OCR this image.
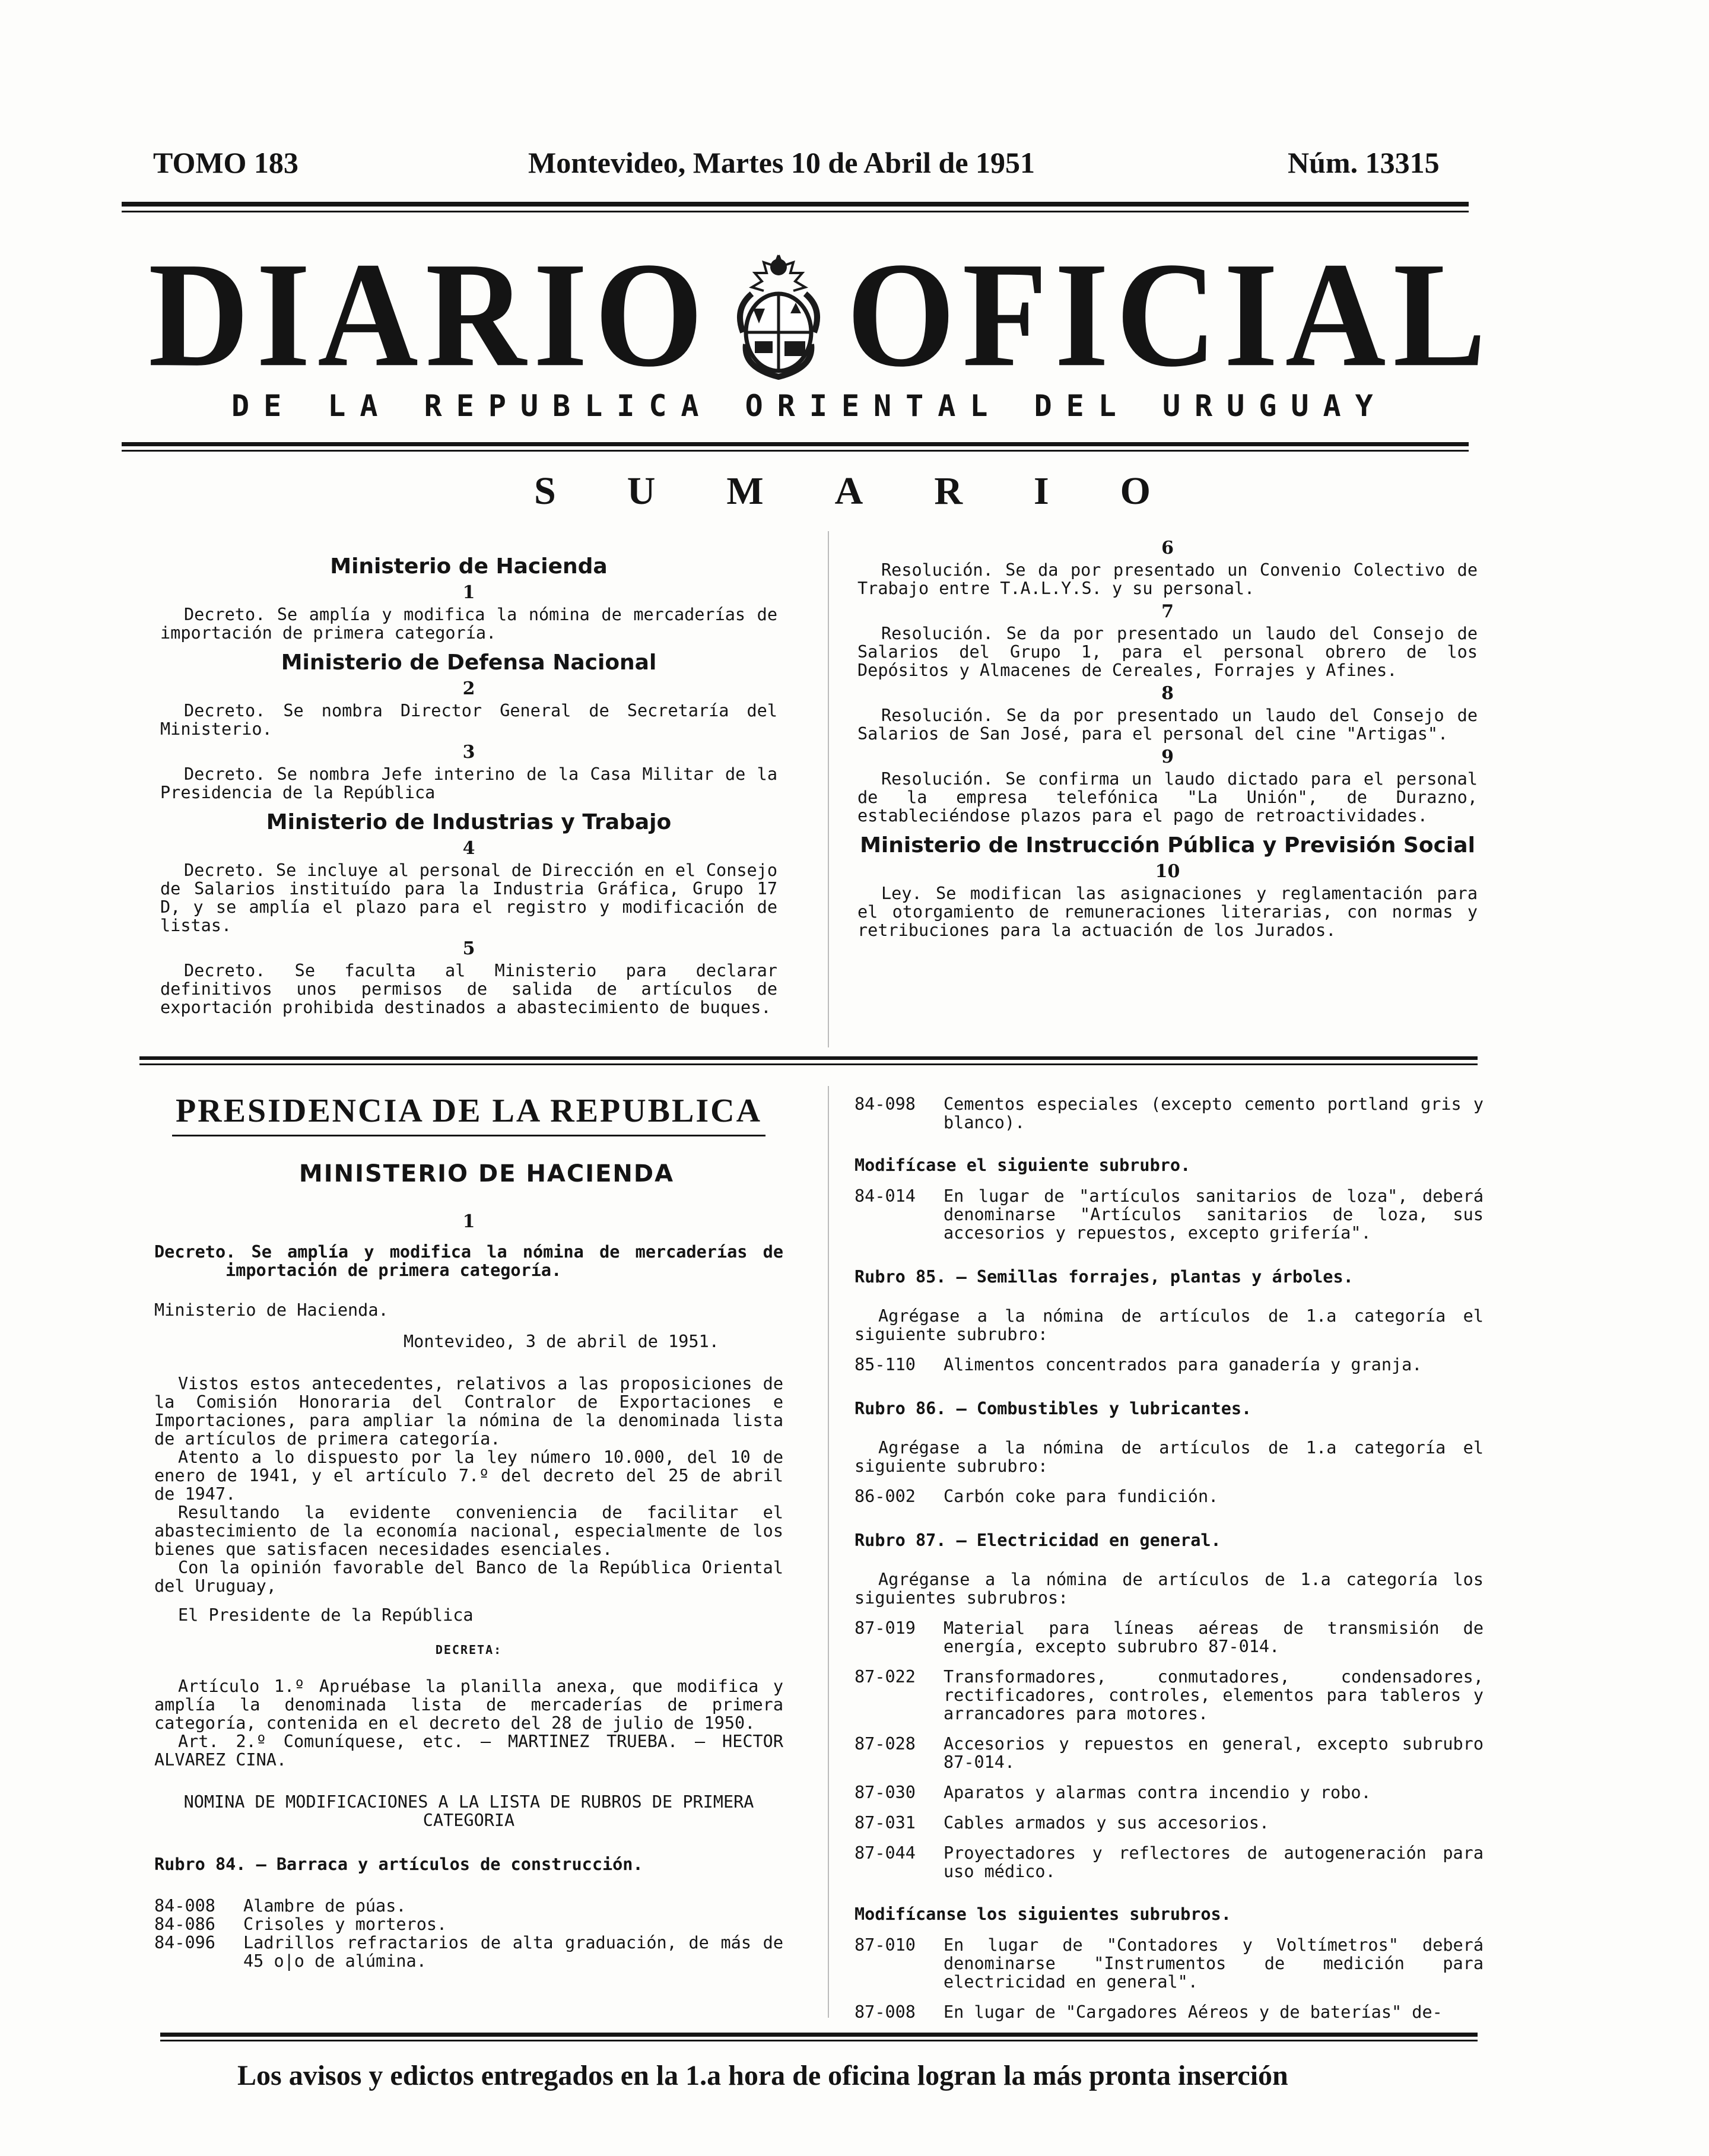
TOMO 183	Montevideo, Martes 10 de Abril de 1951	Núm. 13315
DIARIO OFICIAL
DE LA REPUBLICA ORIENTAL DEL URUGUAY
SUMARIO
Ministerio de Hacienda
1
Decreto. Se amplía y modifica la nómina de mercaderías de importación de primera categoría.
Ministerio de Defensa Nacional
2
Decreto. Se nombra Director General de Secretaría del Ministerio.
3
Decreto. Se nombra Jefe interino de la Casa Militar de la Presidencia de la República
Ministerio de Industrias y Trabajo
4
Decreto. Se incluye al personal de Dirección en el Consejo de Salarios instituído para la Industria Gráfica, Grupo 17 D, y se amplía el plazo para el registro y modificación de listas.
5
Decreto. Se faculta al Ministerio para declarar definitivos unos permisos de salida de artículos de exportación prohibida destinados a abastecimiento de buques.
6
Resolución. Se da por presentado un Convenio Colectivo de Trabajo entre T.A.L.Y.S. y su personal.
7
Resolución. Se da por presentado un laudo del Consejo de Salarios del Grupo 1, para el personal obrero de los Depósitos y Almacenes de Cereales, Forrajes y Afines.
8
Resolución. Se da por presentado un laudo del Consejo de Salarios de San José, para el personal del cine "Artigas".
9
Resolución. Se confirma un laudo dictado para el personal de la empresa telefónica "La Unión", de Durazno, estableciéndose plazos para el pago de retroactividades.
Ministerio de Instrucción Pública y Previsión Social
10
Ley. Se modifican las asignaciones y reglamentación para el otorgamiento de remuneraciones literarias, con normas y retribuciones para la actuación de los Jurados.
PRESIDENCIA DE LA REPUBLICA
MINISTERIO DE HACIENDA
1
Decreto. Se amplía y modifica la nómina de mercaderías de importación de primera categoría.
Ministerio de Hacienda.
Montevideo, 3 de abril de 1951.
Vistos estos antecedentes, relativos a las proposiciones de la Comisión Honoraria del Contralor de Exportaciones e Importaciones, para ampliar la nómina de la denominada lista de artículos de primera categoría.
Atento a lo dispuesto por la ley número 10.000, del 10 de enero de 1941, y el artículo 7.º del decreto del 25 de abril de 1947.
Resultando la evidente conveniencia de facilitar el abastecimiento de la economía nacional, especialmente de los bienes que satisfacen necesidades esenciales.
Con la opinión favorable del Banco de la República Oriental del Uruguay,
El Presidente de la República
DECRETA:
Artículo 1.º Apruébase la planilla anexa, que modifica y amplía la denominada lista de mercaderías de primera categoría, contenida en el decreto del 28 de julio de 1950.
Art. 2.º Comuníquese, etc. — MARTINEZ TRUEBA. — HECTOR ALVAREZ CINA.
NOMINA DE MODIFICACIONES A LA LISTA DE RUBROS DE PRIMERA CATEGORIA
Rubro 84. — Barraca y artículos de construcción.
84-008	Alambre de púas.
84-086	Crisoles y morteros.
84-096	Ladrillos refractarios de alta graduación, de más de 45 o|o de alúmina.
84-098	Cementos especiales (excepto cemento portland gris y blanco).
Modifícase el siguiente subrubro.
84-014	En lugar de "artículos sanitarios de loza", deberá denominarse "Artículos sanitarios de loza, sus accesorios y repuestos, excepto grifería".
Rubro 85. — Semillas forrajes, plantas y árboles.
Agrégase a la nómina de artículos de 1.a categoría el siguiente subrubro:
85-110	Alimentos concentrados para ganadería y granja.
Rubro 86. — Combustibles y lubricantes.
Agrégase a la nómina de artículos de 1.a categoría el siguiente subrubro:
86-002	Carbón coke para fundición.
Rubro 87. — Electricidad en general.
Agréganse a la nómina de artículos de 1.a categoría los siguientes subrubros:
87-019	Material para líneas aéreas de transmisión de energía, excepto subrubro 87-014.
87-022	Transformadores, conmutadores, condensadores, rectificadores, controles, elementos para tableros y arrancadores para motores.
87-028	Accesorios y repuestos en general, excepto subrubro 87-014.
87-030	Aparatos y alarmas contra incendio y robo.
87-031	Cables armados y sus accesorios.
87-044	Proyectadores y reflectores de autogeneración para uso médico.
Modifícanse los siguientes subrubros.
87-010	En lugar de "Contadores y Voltímetros" deberá denominarse "Instrumentos de medición para electricidad en general".
87-008	En lugar de "Cargadores Aéreos y de baterías" de-
Los avisos y edictos entregados en la 1.a hora de oficina logran la más pronta inserción
